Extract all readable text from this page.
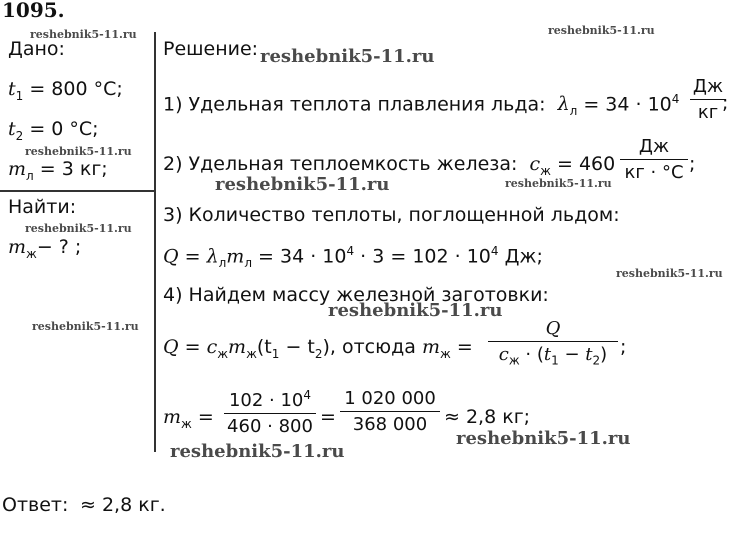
1095.
Дано:
$t_1 = 800$ °C;
$t_2 = 0$ °C;
$m_л = 3$ кг;
Найти:
$m_ж-$ ? ;
Решение:
1) Удельная теплота плавления льда: $\lambda_л = 34 \cdot 10^4$
Дж
кг ;
2) Удельная теплоемкость железа: $c_ж = 460$
Дж
кг · °C ;
3) Количество теплоты, поглощенной льдом:
$Q = \lambda_лm_л = 34 \cdot 10^4 \cdot 3 = 102 \cdot 10^4$ Дж;
4) Найдем массу железной заготовки:
$Q = c_жm_ж(t_1 - t_2)$, отсюда $m_ж$ =
Q
$c_ж \cdot (t_1 - t_2)$ ;
$m_ж$ =
$102 \cdot 10^4$
460 · 800 =
1 020 000
368 000 ≈ 2,8 кг;
Ответ: ≈ 2,8 кг.
reshebnik5-11.ru	reshebnik5-11.ru
reshebnik5-11.ru
reshebnik5-11.ru
reshebnik5-11.ru	reshebnik5-11.ru
reshebnik5-11.ru
reshebnik5-11.ru
reshebnik5-11.ru
reshebnik5-11.ru
reshebnik5-11.ru
reshebnik5-11.ru
